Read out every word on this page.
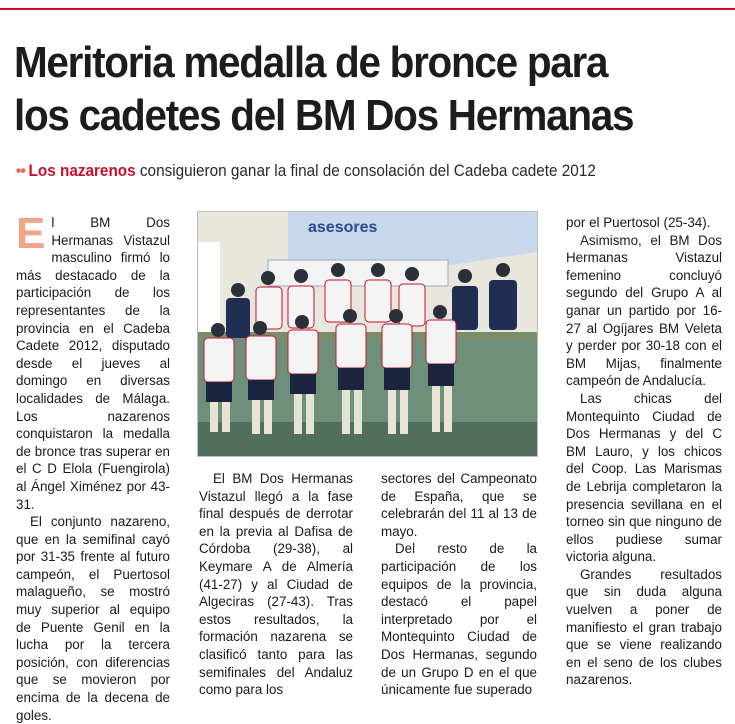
Meritoria medalla de bronce para los cadetes del BM Dos Hermanas
•• Los nazarenos consiguieron ganar la final de consolación del Cadeba cadete 2012

El BM Dos Hermanas Vistazul masculino firmó lo más destacado de la participación de los representantes de la provincia en el Cadeba Cadete 2012, disputado desde el jueves al domingo en diversas localidades de Málaga. Los nazarenos conquistaron la medalla de bronce tras superar en el C D Elola (Fuengirola) al Ángel Ximénez por 43-31.

El conjunto nazareno, que en la semifinal cayó por 31-35 frente al futuro campeón, el Puertosol malagueño, se mostró muy superior al equipo de Puente Genil en la lucha por la tercera posición, con diferencias que se movieron por encima de la decena de goles.

asesores

El BM Dos Hermanas Vistazul llegó a la fase final después de derrotar en la previa al Dafisa de Córdoba (29-38), al Keymare A de Almería (41-27) y al Ciudad de Algeciras (27-43). Tras estos resultados, la formación nazarena se clasificó tanto para las semifinales del Andaluz como para los

sectores del Campeonato de España, que se celebrarán del 11 al 13 de mayo.

Del resto de la participación de los equipos de la provincia, destacó el papel interpretado por el Montequinto Ciudad de Dos Hermanas, segundo de un Grupo D en el que únicamente fue superado

por el Puertosol (25-34).

Asimismo, el BM Dos Hermanas Vistazul femenino concluyó segundo del Grupo A al ganar un partido por 16-27 al Ogíjares BM Veleta y perder por 30-18 con el BM Mijas, finalmente campeón de Andalucía.

Las chicas del Montequinto Ciudad de Dos Hermanas y del C BM Lauro, y los chicos del Coop. Las Marismas de Lebrija completaron la presencia sevillana en el torneo sin que ninguno de ellos pudiese sumar victoria alguna.

Grandes resultados que sin duda alguna vuelven a poner de manifiesto el gran trabajo que se viene realizando en el seno de los clubes nazarenos.
